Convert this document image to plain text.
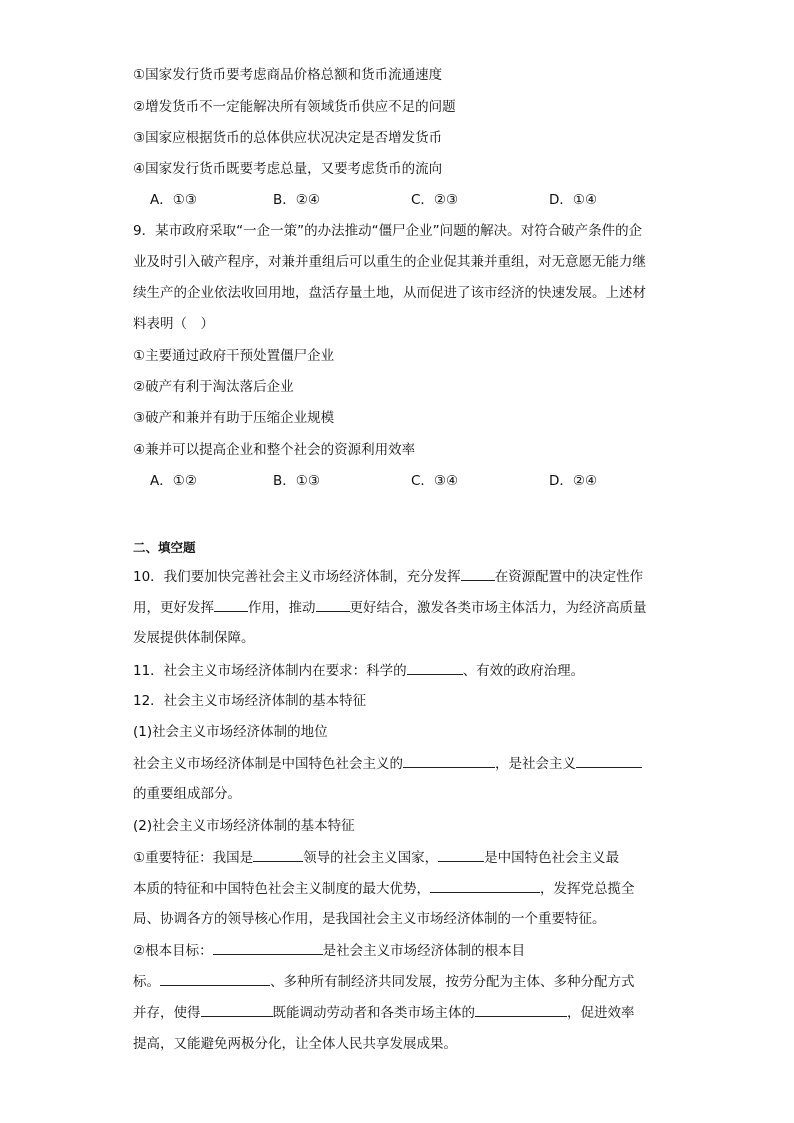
①国家发行货币要考虑商品价格总额和货币流通速度
②增发货币不一定能解决所有领域货币供应不足的问题
③国家应根据货币的总体供应状况决定是否增发货币
④国家发行货币既要考虑总量，又要考虑货币的流向
A．①③	B．②④	C．②③	D．①④
9．某市政府采取“一企一策”的办法推动“僵尸企业”问题的解决。对符合破产条件的企
业及时引入破产程序，对兼并重组后可以重生的企业促其兼并重组，对无意愿无能力继
续生产的企业依法收回用地，盘活存量土地，从而促进了该市经济的快速发展。上述材
料表明（　）
①主要通过政府干预处置僵尸企业
②破产有利于淘汰落后企业
③破产和兼并有助于压缩企业规模
④兼并可以提高企业和整个社会的资源利用效率
A．①②	B．①③	C．③④	D．②④
二、填空题
10．我们要加快完善社会主义市场经济体制，充分发挥	在资源配置中的决定性作
用，更好发挥	作用，推动	更好结合，激发各类市场主体活力，为经济高质量
发展提供体制保障。
11．社会主义市场经济体制内在要求：科学的	、有效的政府治理。
12．社会主义市场经济体制的基本特征
(1)社会主义市场经济体制的地位
社会主义市场经济体制是中国特色社会主义的	，是社会主义
的重要组成部分。
(2)社会主义市场经济体制的基本特征
①重要特征：我国是	领导的社会主义国家，	是中国特色社会主义最
本质的特征和中国特色社会主义制度的最大优势，	，发挥党总揽全
局、协调各方的领导核心作用，是我国社会主义市场经济体制的一个重要特征。
②根本目标：	是社会主义市场经济体制的根本目
标。	、多种所有制经济共同发展，按劳分配为主体、多种分配方式
并存，使得	既能调动劳动者和各类市场主体的	，促进效率
提高，又能避免两极分化，让全体人民共享发展成果。
